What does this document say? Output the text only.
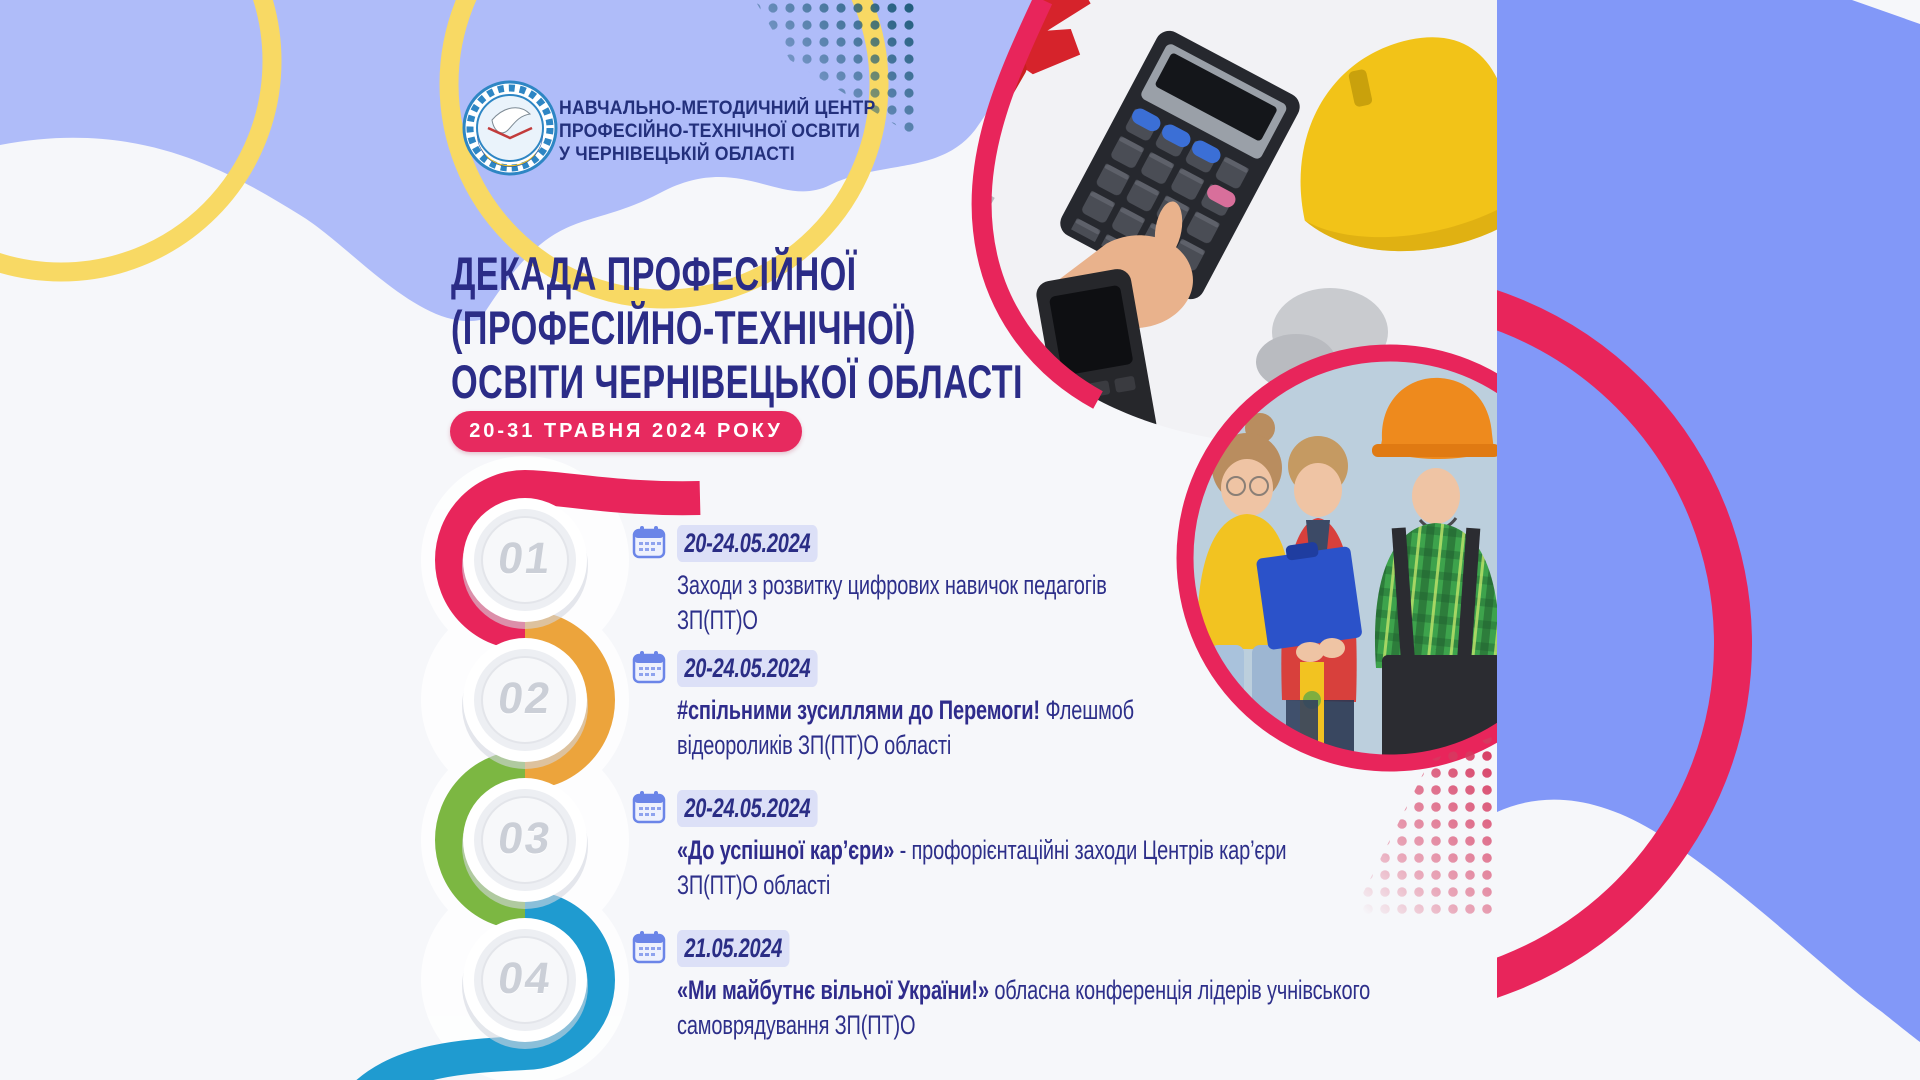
НАВЧАЛЬНО-МЕТОДИЧНИЙ ЦЕНТР
ПРОФЕСІЙНО-ТЕХНІЧНОЇ ОСВІТИ
У ЧЕРНІВЕЦЬКІЙ ОБЛАСТІ
ДЕКАДА ПРОФЕСІЙНОЇ
(ПРОФЕСІЙНО-ТЕХНІЧНОЇ)
ОСВІТИ ЧЕРНІВЕЦЬКОЇ ОБЛАСТІ
20-31 ТРАВНЯ 2024 РОКУ
20-24.05.2024
Заходи з розвитку цифрових навичок педагогів ЗП(ПТ)О
01
20-24.05.2024
#спільними зусиллями до Перемоги! Флешмоб відеороликів ЗП(ПТ)О області
02
20-24.05.2024
«До успішної кар’єри» - профорієнтаційні заходи Центрів кар’єри ЗП(ПТ)О області
03
21.05.2024
«Ми майбутнє вільної України!» обласна конференція лідерів учнівського самоврядування ЗП(ПТ)О
04
